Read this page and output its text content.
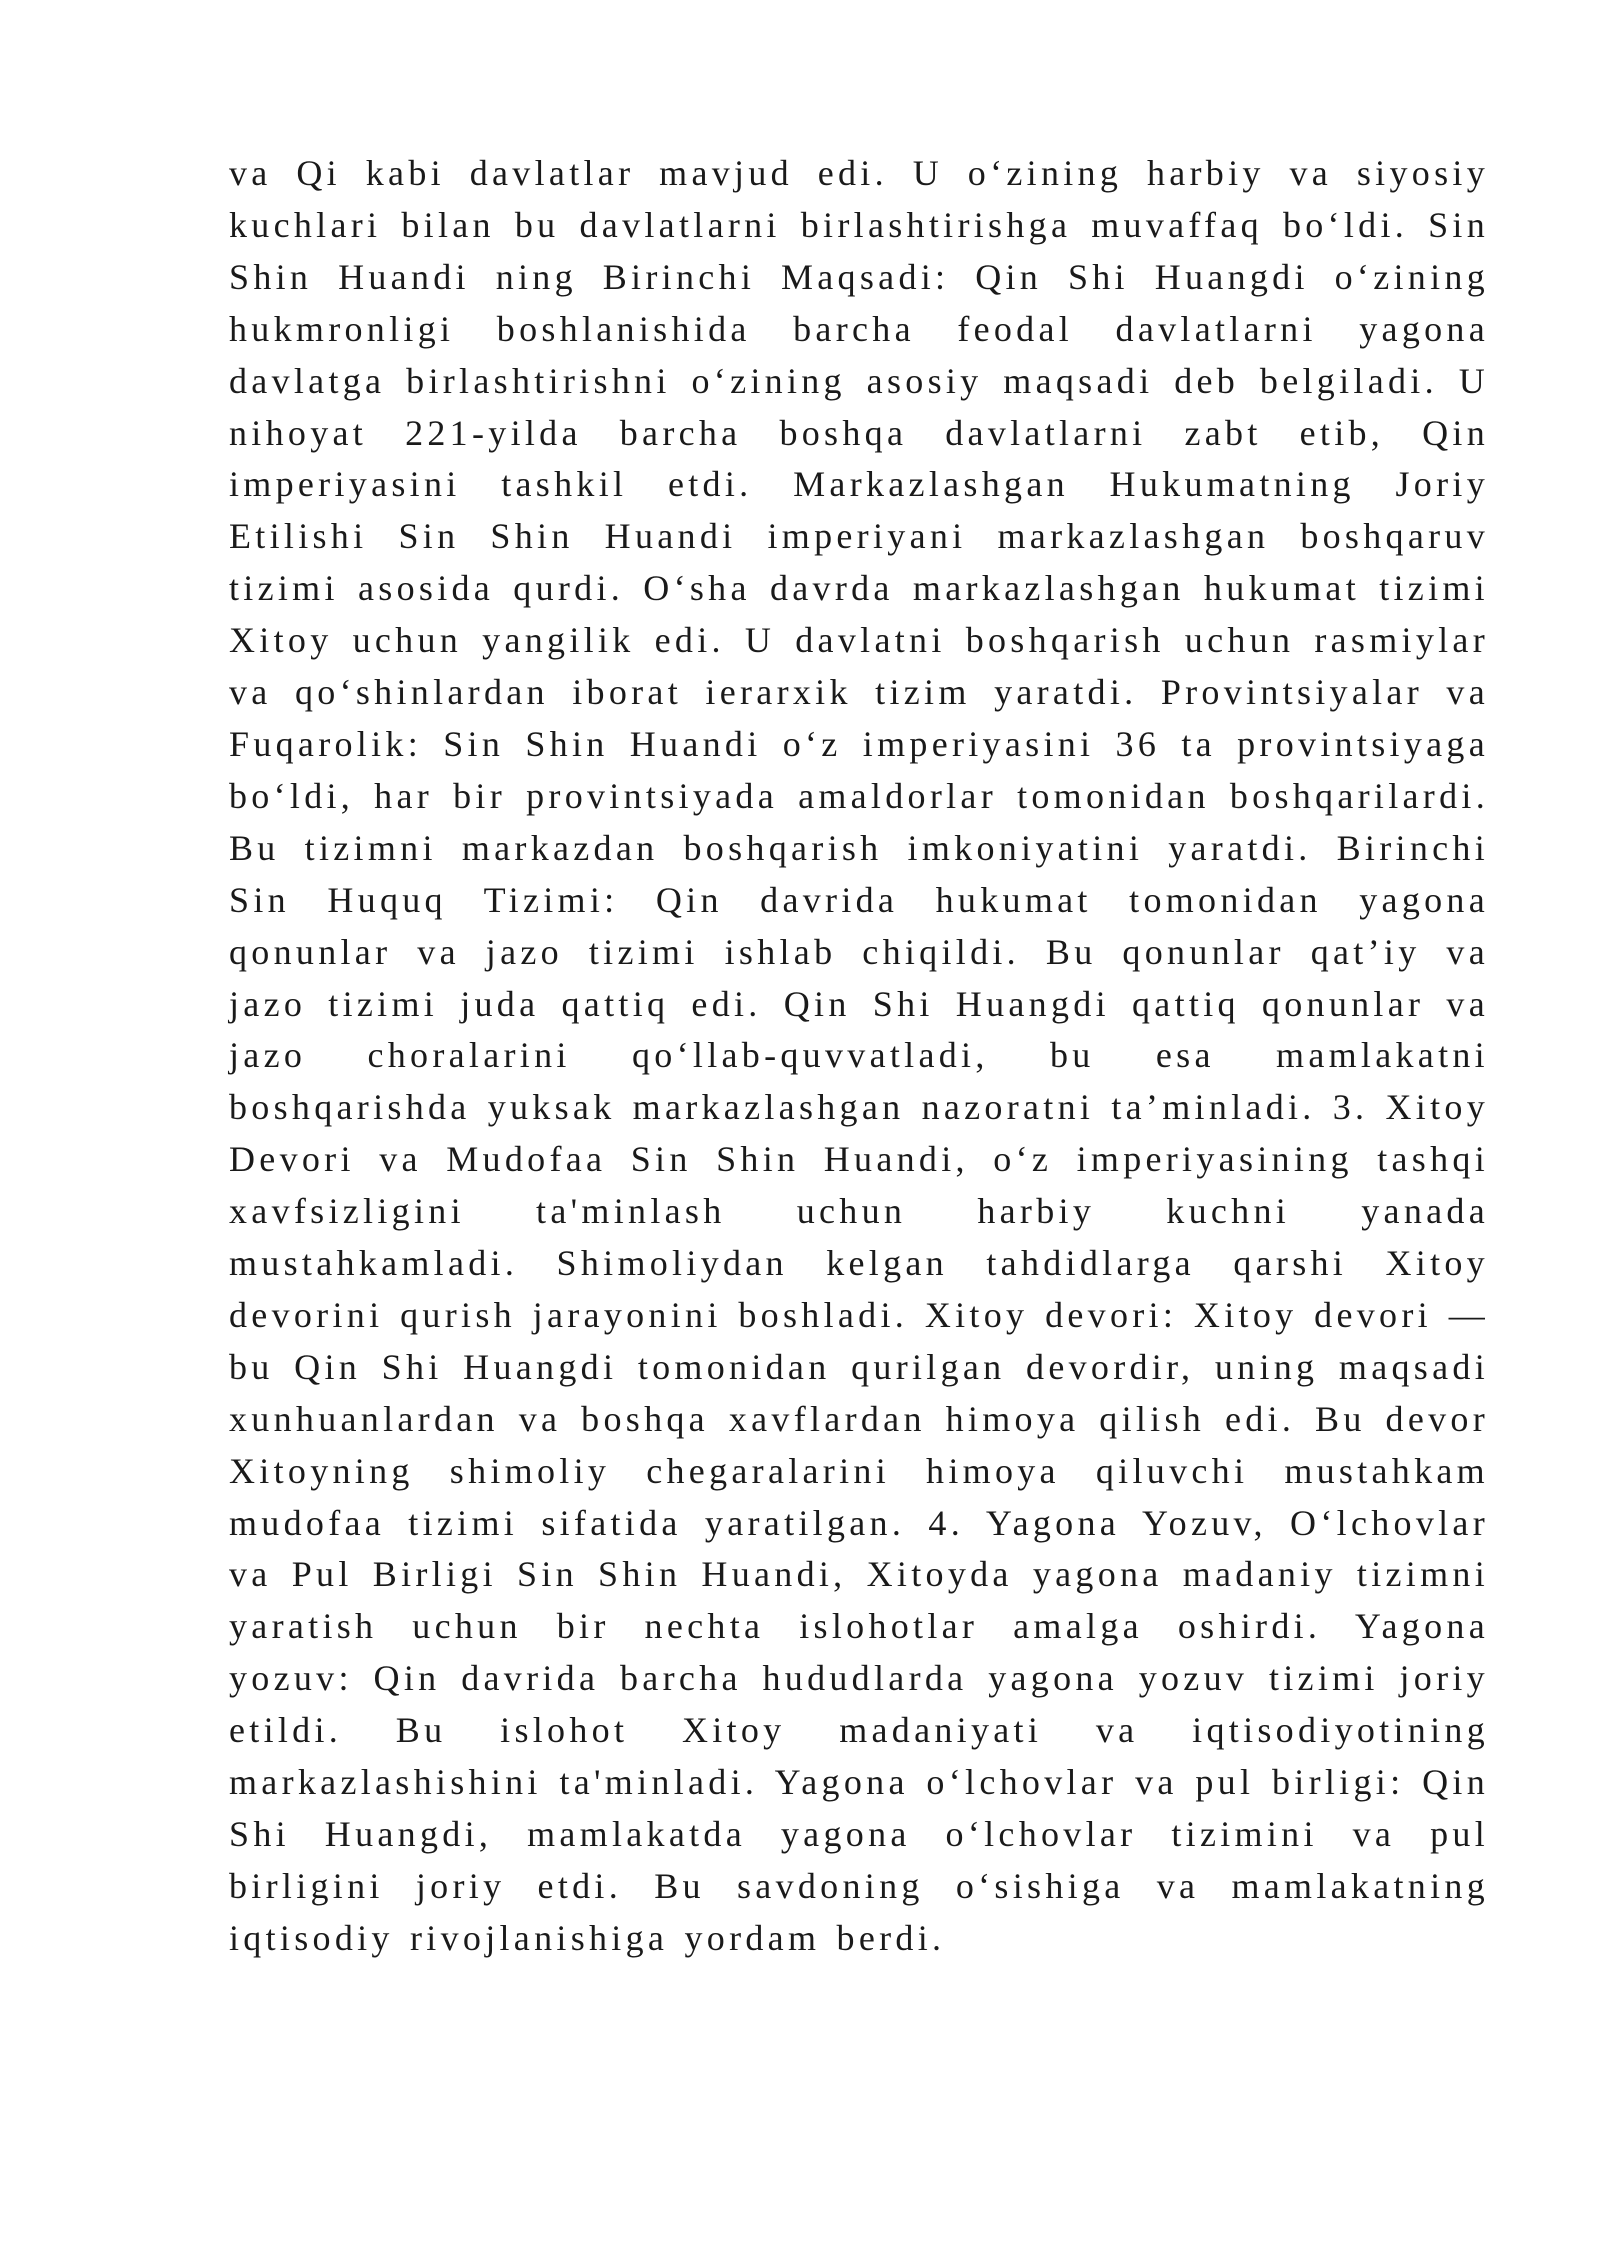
va Qi kabi davlatlar mavjud edi. U o‘zining harbiy va siyosiy kuchlari bilan bu davlatlarni birlashtirishga muvaffaq bo‘ldi. Sin Shin Huandi ning Birinchi Maqsadi: Qin Shi Huangdi o‘zining hukmronligi boshlanishida barcha feodal davlatlarni yagona davlatga birlashtirishni o‘zining asosiy maqsadi deb belgiladi. U nihoyat 221-yilda barcha boshqa davlatlarni zabt etib, Qin imperiyasini tashkil etdi. Markazlashgan Hukumatning Joriy Etilishi Sin Shin Huandi imperiyani markazlashgan boshqaruv tizimi asosida qurdi. O‘sha davrda markazlashgan hukumat tizimi Xitoy uchun yangilik edi. U davlatni boshqarish uchun rasmiylar va qo‘shinlardan iborat ierarxik tizim yaratdi. Provintsiyalar va Fuqarolik: Sin Shin Huandi o‘z imperiyasini 36 ta provintsiyaga bo‘ldi, har bir provintsiyada amaldorlar tomonidan boshqarilardi. Bu tizimni markazdan boshqarish imkoniyatini yaratdi. Birinchi Sin Huquq Tizimi: Qin davrida hukumat tomonidan yagona qonunlar va jazo tizimi ishlab chiqildi. Bu qonunlar qat’iy va jazo tizimi juda qattiq edi. Qin Shi Huangdi qattiq qonunlar va jazo choralarini qo‘llab-quvvatladi, bu esa mamlakatni boshqarishda yuksak markazlashgan nazoratni ta’minladi. 3. Xitoy Devori va Mudofaa Sin Shin Huandi, o‘z imperiyasining tashqi xavfsizligini ta'minlash uchun harbiy kuchni yanada mustahkamladi. Shimoliydan kelgan tahdidlarga qarshi Xitoy devorini qurish jarayonini boshladi. Xitoy devori: Xitoy devori — bu Qin Shi Huangdi tomonidan qurilgan devordir, uning maqsadi xunhuanlardan va boshqa xavflardan himoya qilish edi. Bu devor Xitoyning shimoliy chegaralarini himoya qiluvchi mustahkam mudofaa tizimi sifatida yaratilgan. 4. Yagona Yozuv, O‘lchovlar va Pul Birligi Sin Shin Huandi, Xitoyda yagona madaniy tizimni yaratish uchun bir nechta islohotlar amalga oshirdi. Yagona yozuv: Qin davrida barcha hududlarda yagona yozuv tizimi joriy etildi. Bu islohot Xitoy madaniyati va iqtisodiyotining markazlashishini ta'minladi. Yagona o‘lchovlar va pul birligi: Qin Shi Huangdi, mamlakatda yagona o‘lchovlar tizimini va pul birligini joriy etdi. Bu savdoning o‘sishiga va mamlakatning iqtisodiy rivojlanishiga yordam berdi.
